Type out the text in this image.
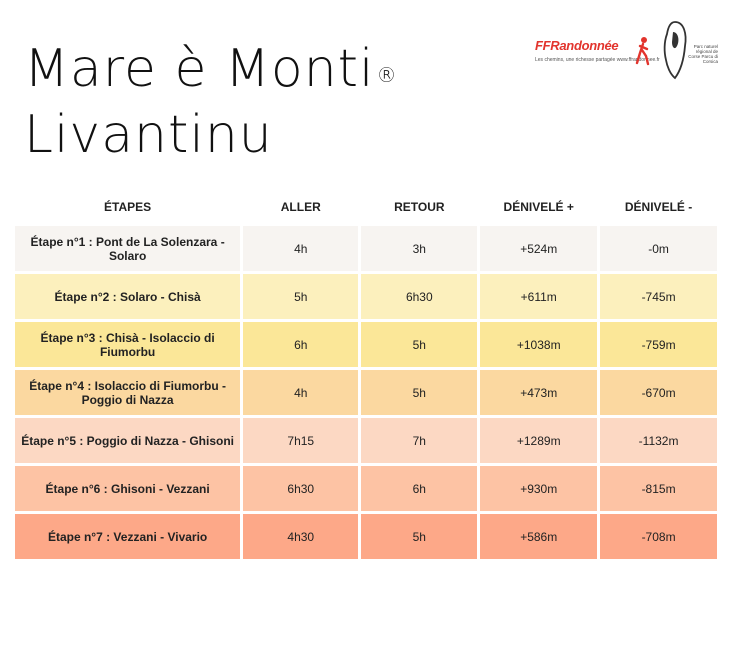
Mare è Monti ®
Livantinu
FFRandonnée
Les chemins, une richesse partagée www.ffrandonnee.fr
Parc naturel régional de Corse Parcu di Corsica
ÉTAPES	ALLER	RETOUR	DÉNIVELÉ +	DÉNIVELÉ -
Étape n°1 : Pont de La Solenzara - Solaro	4h	3h	+524m	-0m
Étape n°2 : Solaro - Chisà	5h	6h30	+611m	-745m
Étape n°3 : Chisà - Isolaccio di Fiumorbu	6h	5h	+1038m	-759m
Étape n°4 : Isolaccio di Fiumorbu - Poggio di Nazza	4h	5h	+473m	-670m
Étape n°5 : Poggio di Nazza - Ghisoni	7h15	7h	+1289m	-1132m
Étape n°6 : Ghisoni - Vezzani	6h30	6h	+930m	-815m
Étape n°7 : Vezzani - Vivario	4h30	5h	+586m	-708m
